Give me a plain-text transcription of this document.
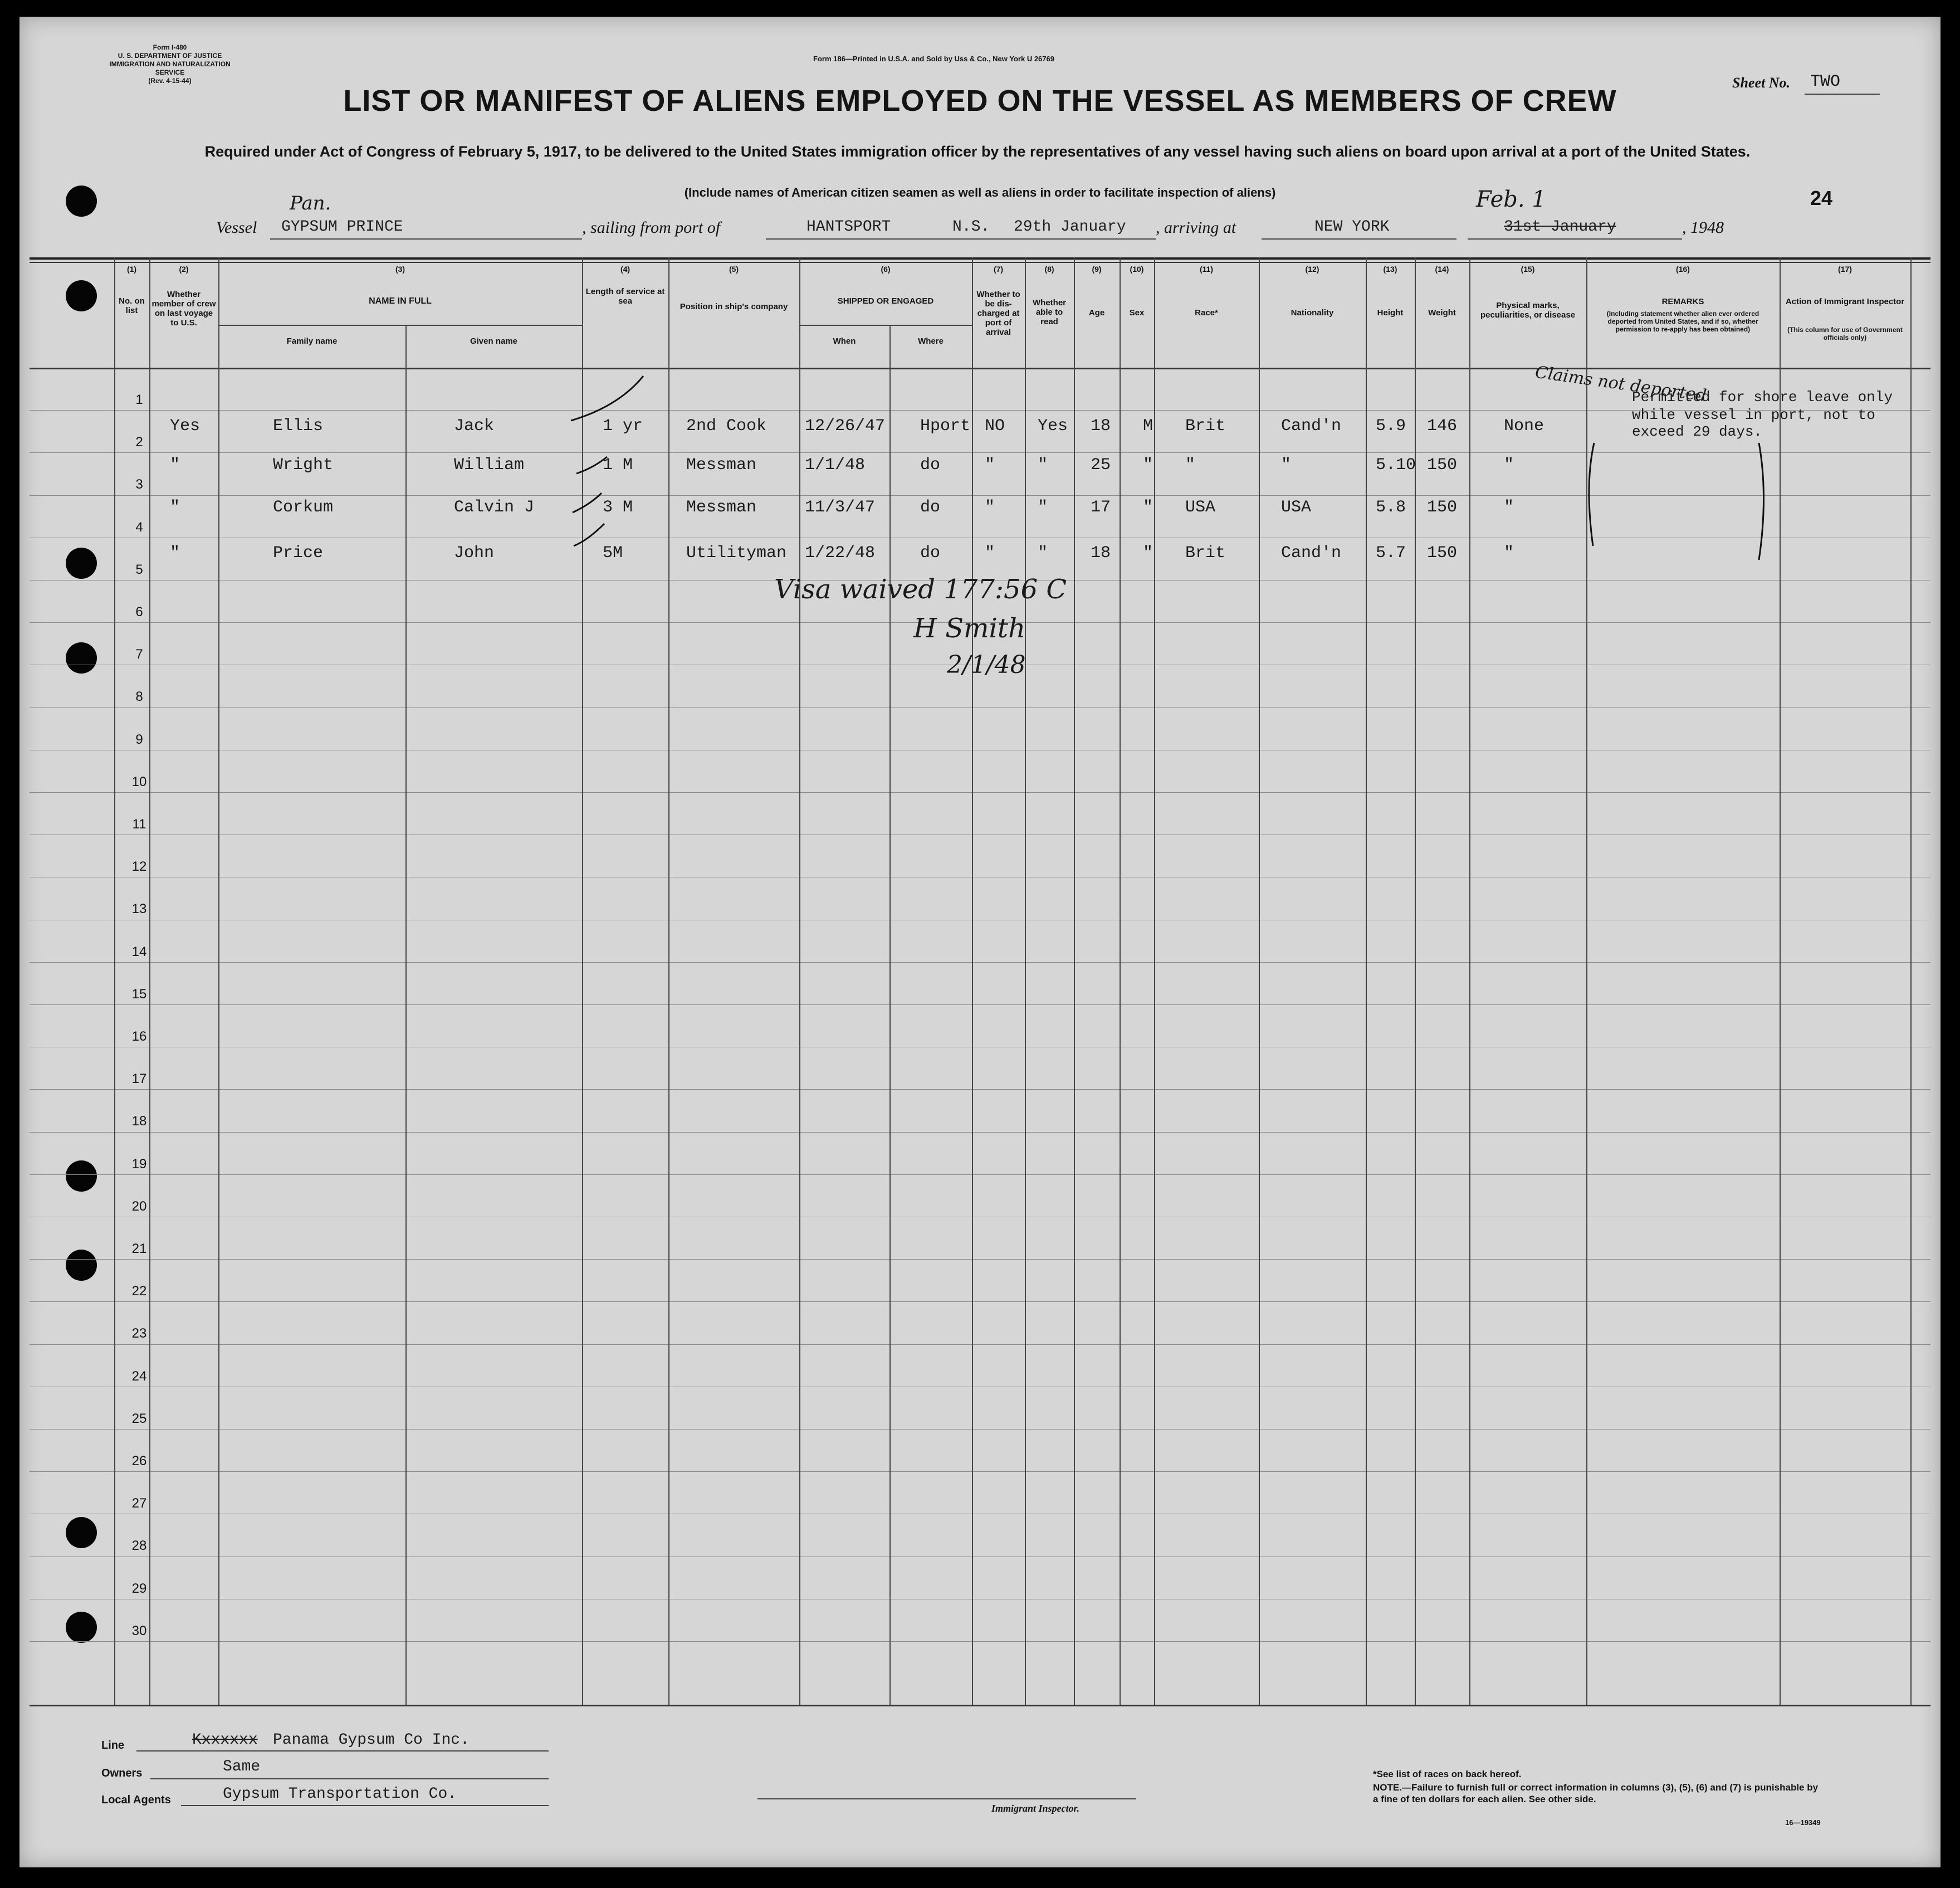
Form I-480
U. S. DEPARTMENT OF JUSTICE
IMMIGRATION AND NATURALIZATION SERVICE
(Rev. 4-15-44)
Form 186—Printed in U.S.A. and Sold by Uss & Co., New York U 26769
LIST OR MANIFEST OF ALIENS EMPLOYED ON THE VESSEL AS MEMBERS OF CREW
Sheet No. TWO
Required under Act of Congress of February 5, 1917, to be delivered to the United States immigration officer by the representatives of any vessel having such aliens on board upon arrival at a port of the United States.
(Include names of American citizen seamen as well as aliens in order to facilitate inspection of aliens)	24
Vessel
Pan.
GYPSUM PRINCE	, sailing from port of	HANTSPORT	N.S. 29th January , arriving at	NEW YORK
Feb. 1
31st January	, 1948
(1)
No. on list
(2)
Whether member of crew on last voyage to U.S.
(3)	(4)
Length of service at sea
(5)
Position in ship's company
(6)	(7)
Whether to be dis-charged at port of arrival
(8)
Whether able to read
(9)
Age
(10)
Sex
(11)
Race*
(12)
Nationality
(13)
Height
(14)
Weight
(15)
Physical marks, peculiarities, or disease
(16)	(17)
NAME IN FULL
Family name	Given name
SHIPPED OR ENGAGED
When	Where
REMARKS
(Including statement whether alien ever ordered deported from United States, and if so, whether permission to re-apply has been obtained)
Action of Immigrant Inspector
(This column for use of Government officials only)
1
2
3
4
5
6
7
8
9
10
11
12
13
14
15
16
17
18
19
20
21
22
23
24
25
26
27
28
29
30
Yes	Ellis	Jack	1 yr	2nd Cook 12/26/47 Hport NO Yes 18 M Brit	Cand'n 5.9 146	None
"	Wright	William	1 M	Messman	1/1/48	do	"	"	25 " "	"	5.10 150	"
"	Corkum	Calvin J	3 M	Messman	11/3/47	do	"	"	17 " USA	USA	5.8 150	"
"	Price	John	5M	Utilityman 1/22/48	do	"	"	18 " Brit	Cand'n 5.7 150	"
Permitted for shore leave only
while vessel in port, not to
exceed 29 days.
Claims not deported
Visa waived 177:56 C
H Smith
2/1/48
Line	Kxxxxxx Panama Gypsum Co Inc.
Owners	Same
Local Agents	Gypsum Transportation Co.
Immigrant Inspector.
*See list of races on back hereof.
NOTE.—Failure to furnish full or correct information in columns (3), (5), (6) and (7) is punishable by a fine of ten dollars for each alien. See other side.
16—19349
